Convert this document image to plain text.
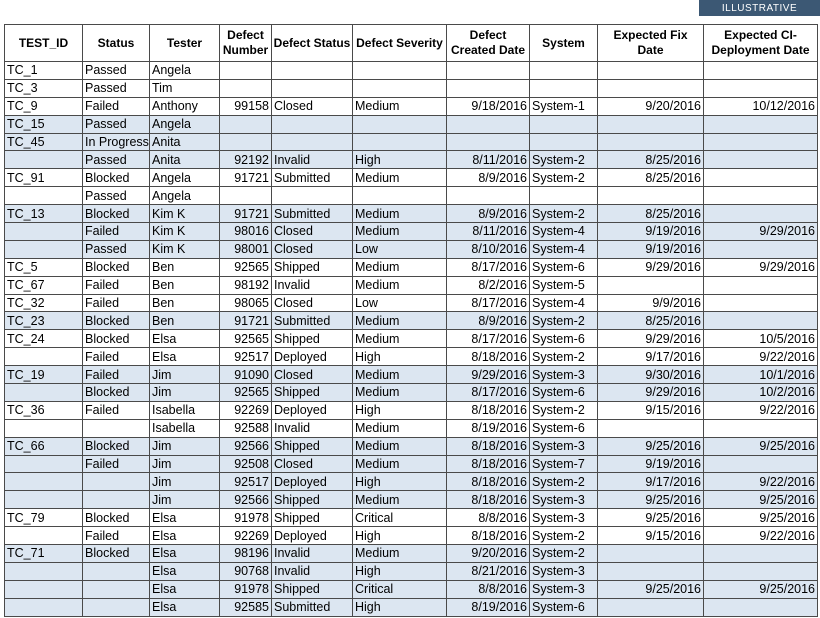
ILLUSTRATIVE
TEST_ID	Status	Tester	Defect Number	Defect Status	Defect Severity	Defect Created Date	System	Expected Fix Date	Expected CI-Deployment Date
TC_1	Passed	Angela							
TC_3	Passed	Tim							
TC_9	Failed	Anthony	99158	Closed	Medium	9/18/2016	System-1	9/20/2016	10/12/2016
TC_15	Passed	Angela							
TC_45	In Progress	Anita							
	Passed	Anita	92192	Invalid	High	8/11/2016	System-2	8/25/2016	
TC_91	Blocked	Angela	91721	Submitted	Medium	8/9/2016	System-2	8/25/2016	
	Passed	Angela							
TC_13	Blocked	Kim K	91721	Submitted	Medium	8/9/2016	System-2	8/25/2016	
	Failed	Kim K	98016	Closed	Medium	8/11/2016	System-4	9/19/2016	9/29/2016
	Passed	Kim K	98001	Closed	Low	8/10/2016	System-4	9/19/2016	
TC_5	Blocked	Ben	92565	Shipped	Medium	8/17/2016	System-6	9/29/2016	9/29/2016
TC_67	Failed	Ben	98192	Invalid	Medium	8/2/2016	System-5		
TC_32	Failed	Ben	98065	Closed	Low	8/17/2016	System-4	9/9/2016	
TC_23	Blocked	Ben	91721	Submitted	Medium	8/9/2016	System-2	8/25/2016	
TC_24	Blocked	Elsa	92565	Shipped	Medium	8/17/2016	System-6	9/29/2016	10/5/2016
	Failed	Elsa	92517	Deployed	High	8/18/2016	System-2	9/17/2016	9/22/2016
TC_19	Failed	Jim	91090	Closed	Medium	9/29/2016	System-3	9/30/2016	10/1/2016
	Blocked	Jim	92565	Shipped	Medium	8/17/2016	System-6	9/29/2016	10/2/2016
TC_36	Failed	Isabella	92269	Deployed	High	8/18/2016	System-2	9/15/2016	9/22/2016
		Isabella	92588	Invalid	Medium	8/19/2016	System-6		
TC_66	Blocked	Jim	92566	Shipped	Medium	8/18/2016	System-3	9/25/2016	9/25/2016
	Failed	Jim	92508	Closed	Medium	8/18/2016	System-7	9/19/2016	
		Jim	92517	Deployed	High	8/18/2016	System-2	9/17/2016	9/22/2016
		Jim	92566	Shipped	Medium	8/18/2016	System-3	9/25/2016	9/25/2016
TC_79	Blocked	Elsa	91978	Shipped	Critical	8/8/2016	System-3	9/25/2016	9/25/2016
	Failed	Elsa	92269	Deployed	High	8/18/2016	System-2	9/15/2016	9/22/2016
TC_71	Blocked	Elsa	98196	Invalid	Medium	9/20/2016	System-2		
		Elsa	90768	Invalid	High	8/21/2016	System-3		
		Elsa	91978	Shipped	Critical	8/8/2016	System-3	9/25/2016	9/25/2016
		Elsa	92585	Submitted	High	8/19/2016	System-6		
